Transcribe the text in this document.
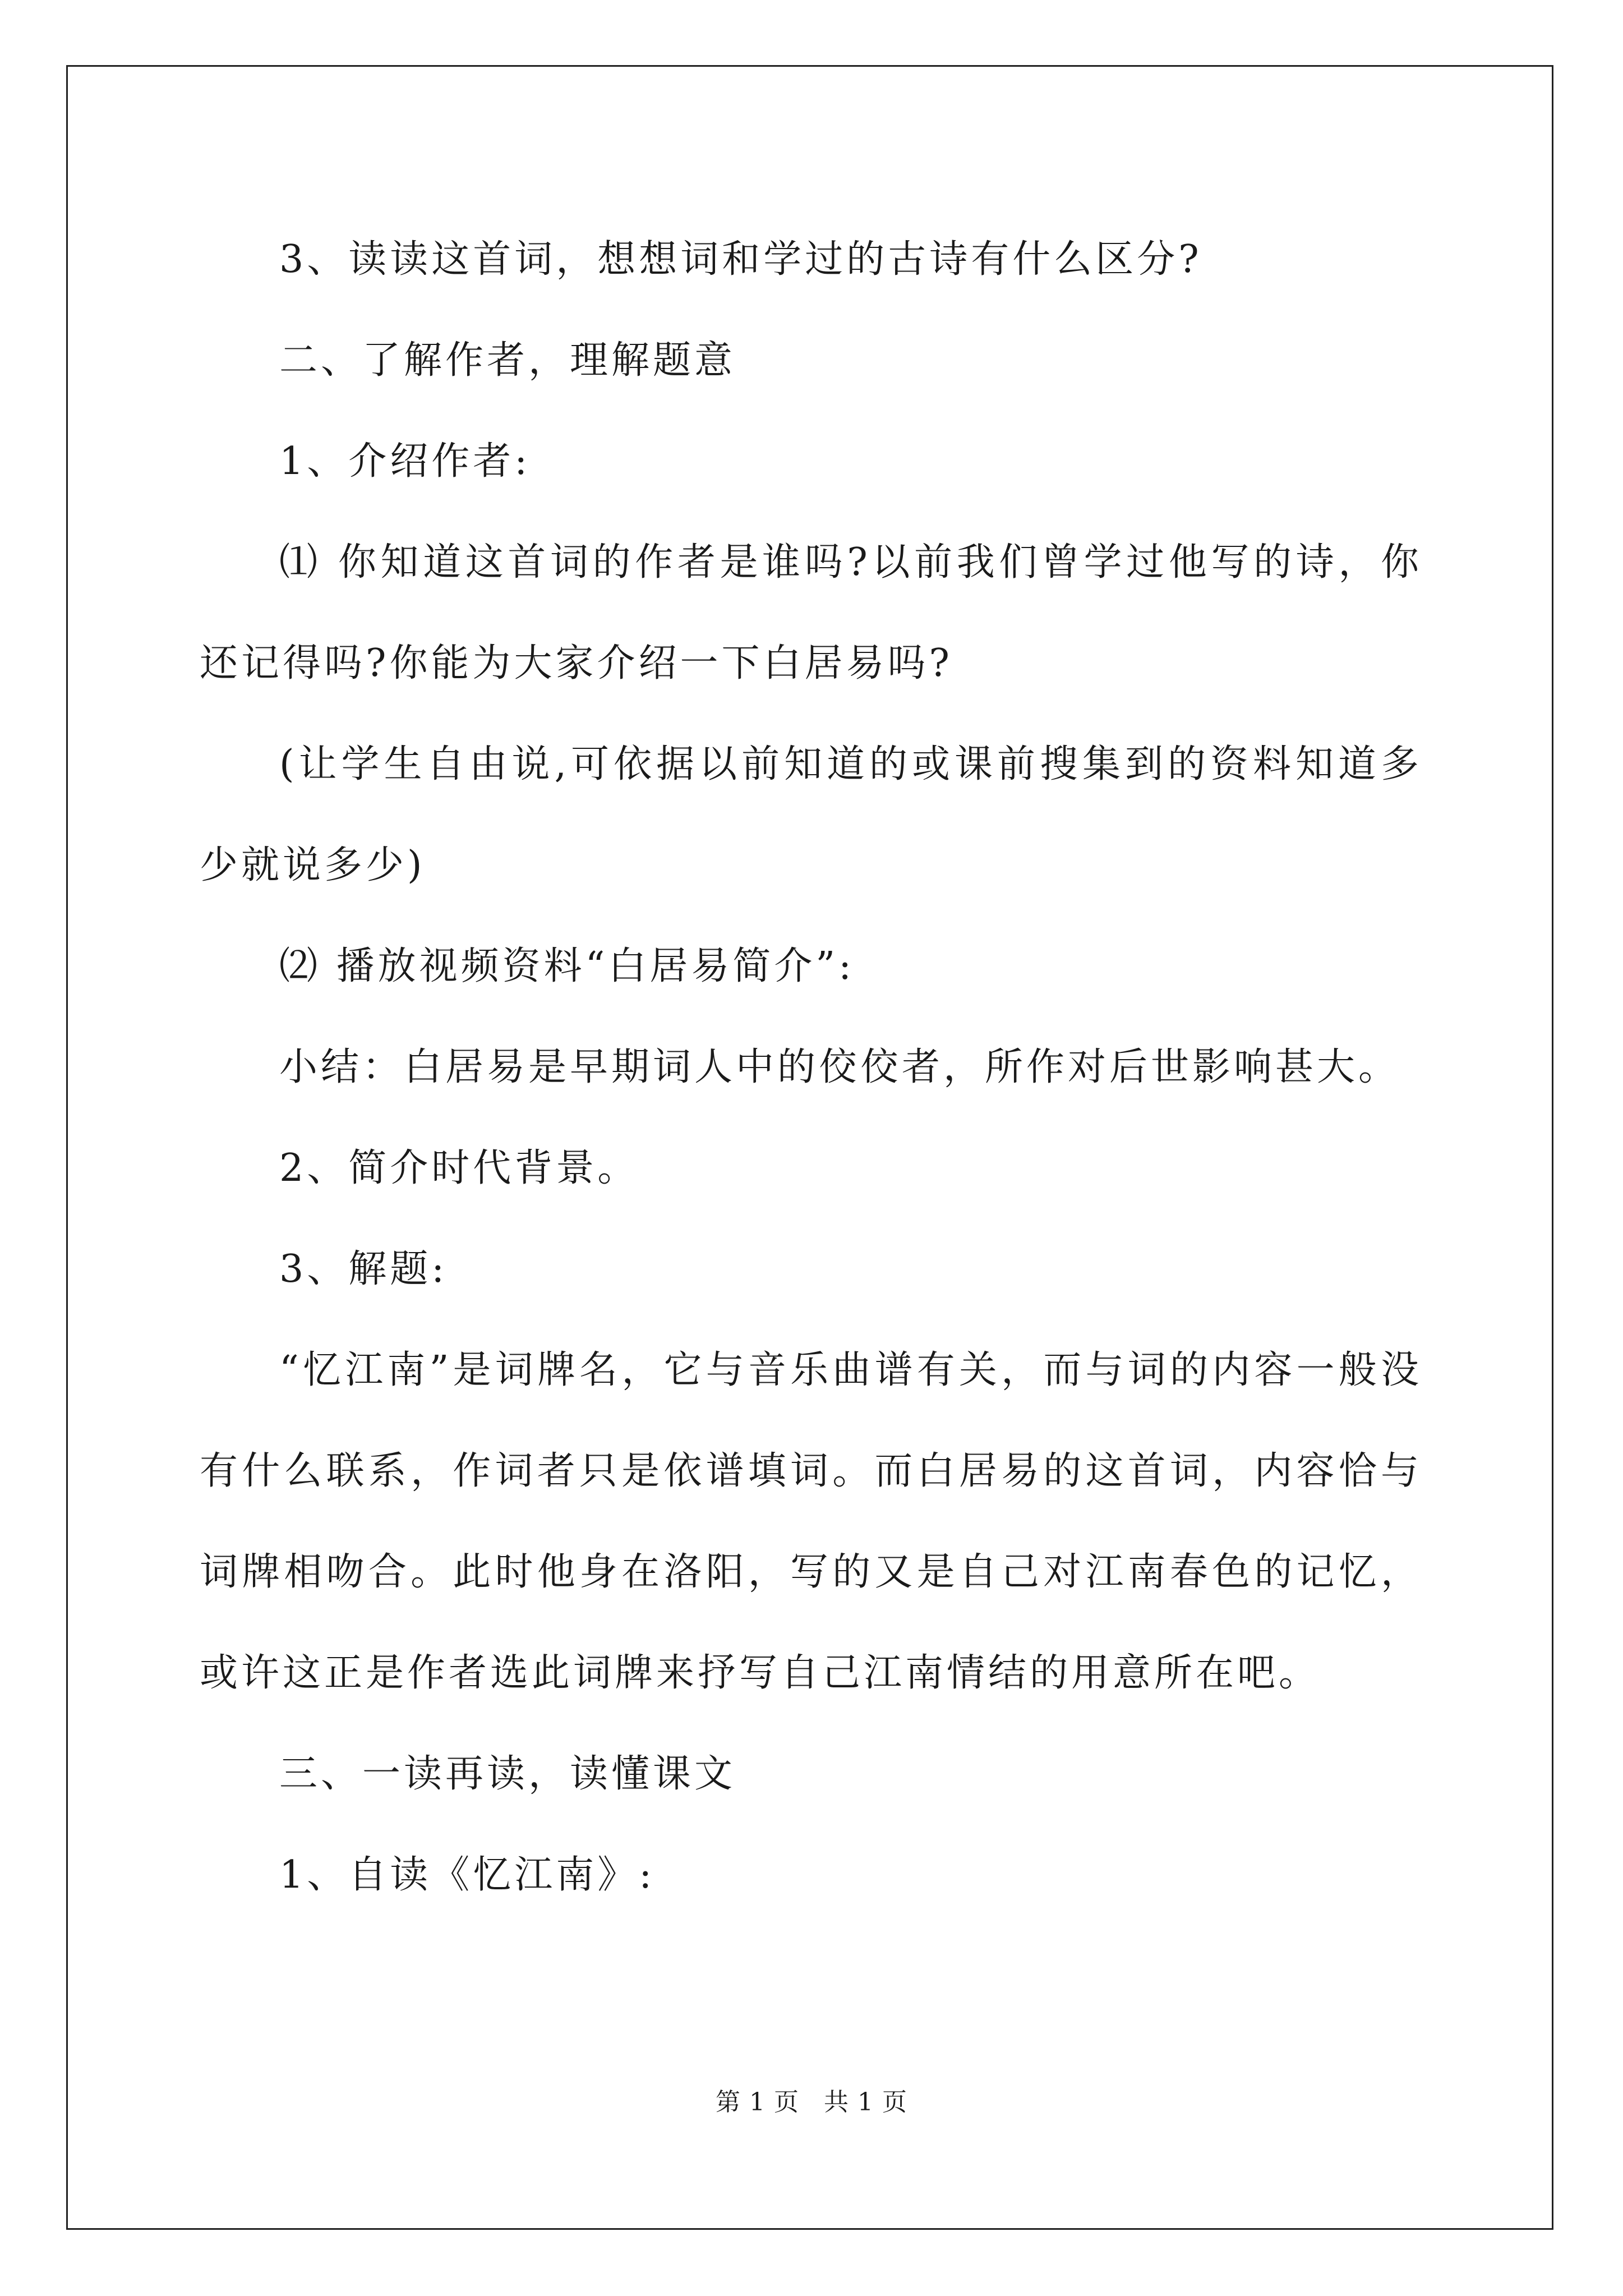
3、读读这首词，想想词和学过的古诗有什么区分?

二、了解作者，理解题意

1、介绍作者:

⑴ 你知道这首词的作者是谁吗?以前我们曾学过他写的诗，你还记得吗?你能为大家介绍一下白居易吗?

(让学生自由说,可依据以前知道的或课前搜集到的资料知道多少就说多少)

⑵ 播放视频资料“白居易简介”:

小结：白居易是早期词人中的佼佼者，所作对后世影响甚大。

2、简介时代背景。

3、解题:

“忆江南”是词牌名，它与音乐曲谱有关，而与词的内容一般没有什么联系，作词者只是依谱填词。而白居易的这首词，内容恰与词牌相吻合。此时他身在洛阳，写的又是自己对江南春色的记忆，或许这正是作者选此词牌来抒写自己江南情结的用意所在吧。

三、一读再读，读懂课文

1、自读《忆江南》:

第 1 页 共 1 页
